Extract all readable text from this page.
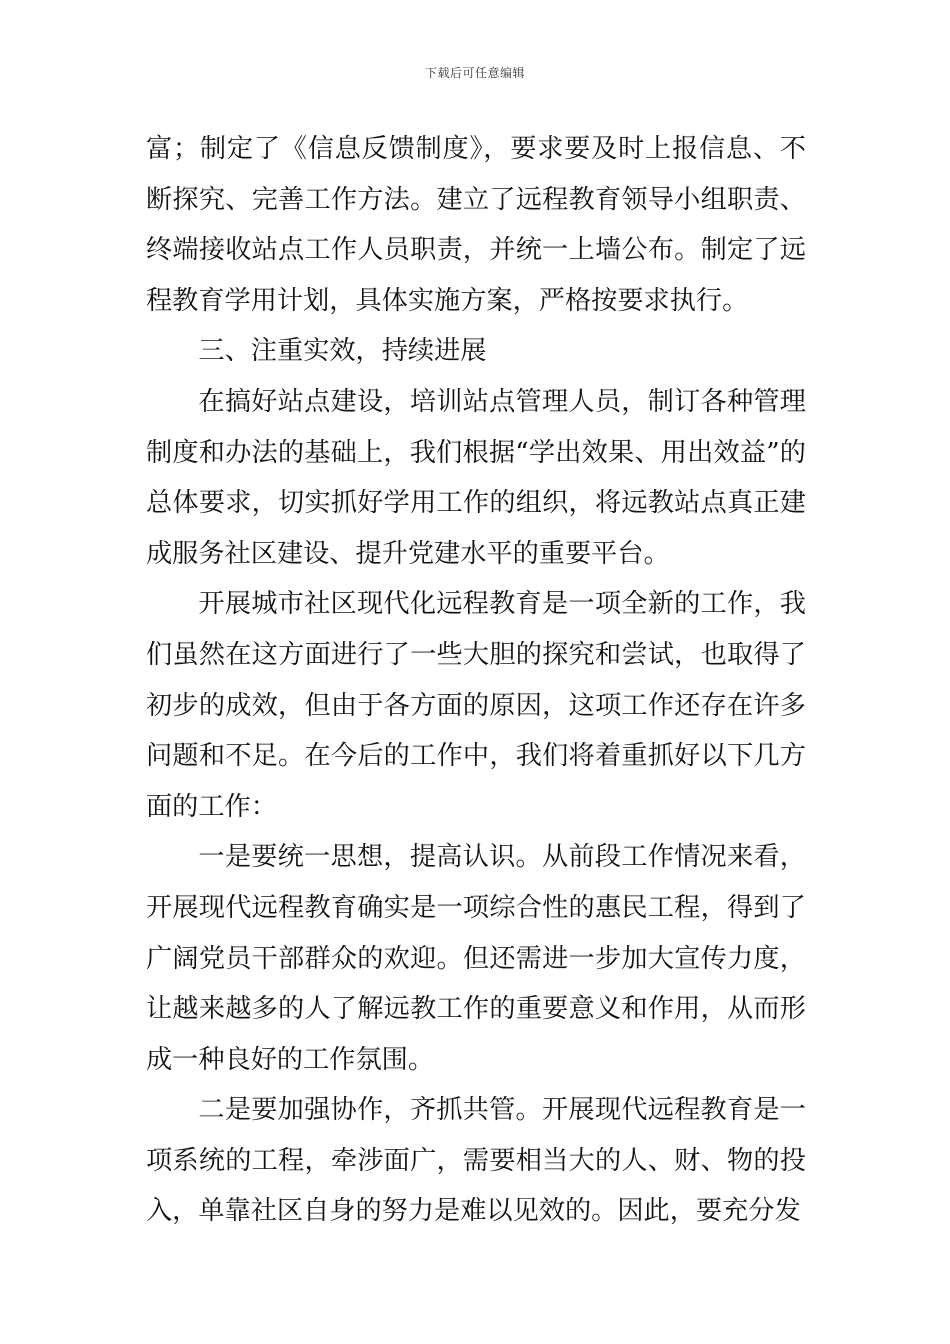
下载后可任意编辑

富；制定了《信息反馈制度》，要求要及时上报信息、不断探究、完善工作方法。建立了远程教育领导小组职责、终端接收站点工作人员职责，并统一上墙公布。制定了远程教育学用计划，具体实施方案，严格按要求执行。

三、注重实效，持续进展

在搞好站点建设，培训站点管理人员，制订各种管理制度和办法的基础上，我们根据“学出效果、用出效益”的总体要求，切实抓好学用工作的组织，将远教站点真正建成服务社区建设、提升党建水平的重要平台。

开展城市社区现代化远程教育是一项全新的工作，我们虽然在这方面进行了一些大胆的探究和尝试，也取得了初步的成效，但由于各方面的原因，这项工作还存在许多问题和不足。在今后的工作中，我们将着重抓好以下几方面的工作：

一是要统一思想，提高认识。从前段工作情况来看，开展现代远程教育确实是一项综合性的惠民工程，得到了广阔党员干部群众的欢迎。但还需进一步加大宣传力度，让越来越多的人了解远教工作的重要意义和作用，从而形成一种良好的工作氛围。

二是要加强协作，齐抓共管。开展现代远程教育是一项系统的工程，牵涉面广，需要相当大的人、财、物的投入，单靠社区自身的努力是难以见效的。因此，要充分发
